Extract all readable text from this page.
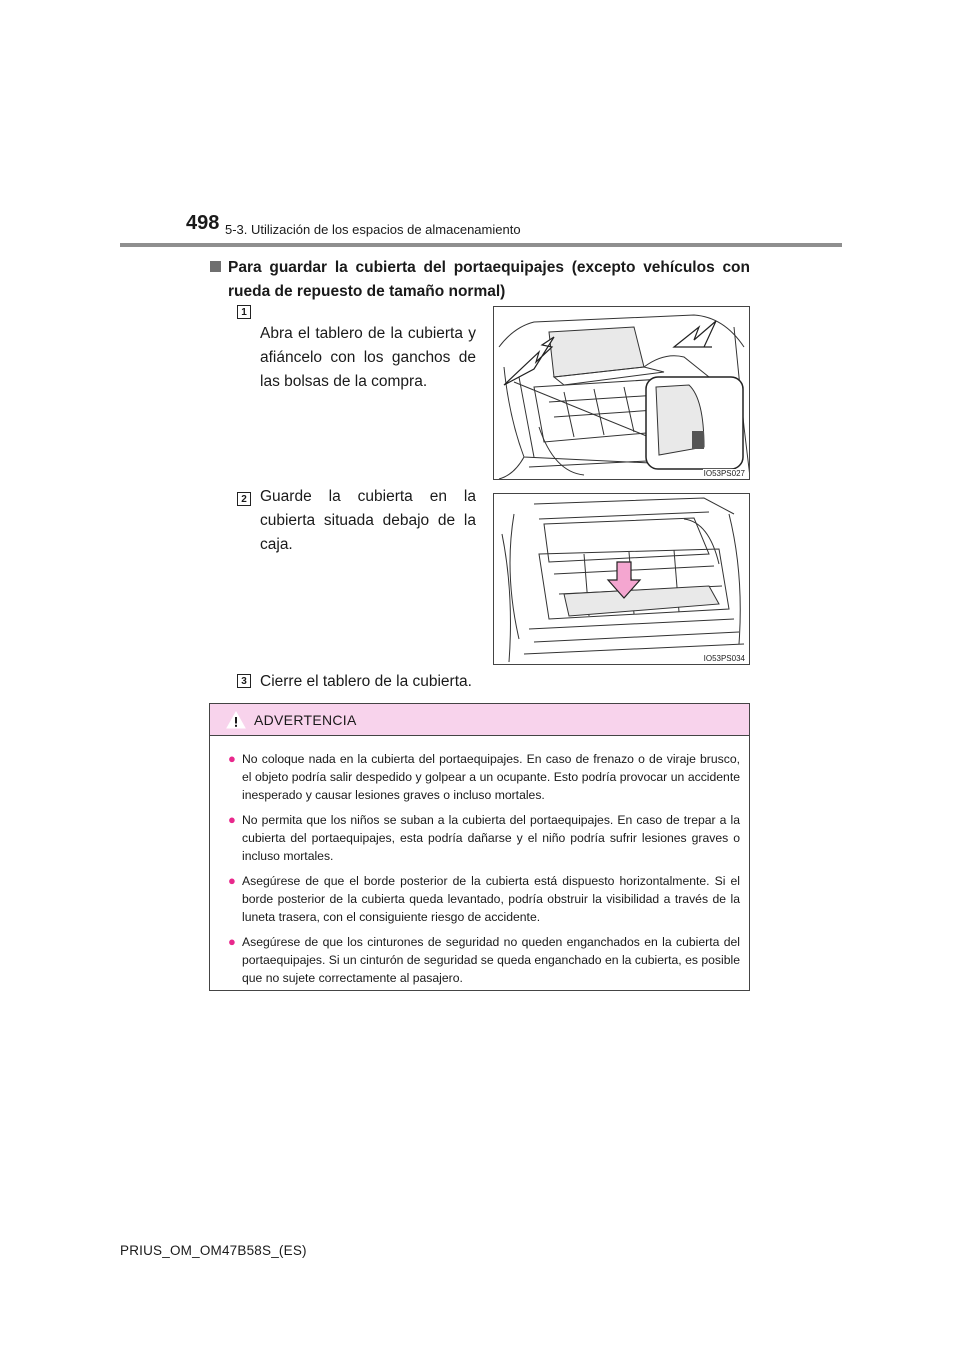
498 5-3. Utilización de los espacios de almacenamiento
Para guardar la cubierta del portaequipajes (excepto vehículos con rueda de repuesto de tamaño normal)
1
Abra el tablero de la cubierta y afiáncelo con los ganchos de las bolsas de la compra.
IO53PS027
2 Guarde la cubierta en la cubierta situada debajo de la caja.
IO53PS034
3 Cierre el tablero de la cubierta.
ADVERTENCIA
● No coloque nada en la cubierta del portaequipajes. En caso de frenazo o de viraje brusco, el objeto podría salir despedido y golpear a un ocupante. Esto podría provocar un accidente inesperado y causar lesiones graves o incluso mortales.
● No permita que los niños se suban a la cubierta del portaequipajes. En caso de trepar a la cubierta del portaequipajes, esta podría dañarse y el niño podría sufrir lesiones graves o incluso mortales.
● Asegúrese de que el borde posterior de la cubierta está dispuesto horizontalmente. Si el borde posterior de la cubierta queda levantado, podría obstruir la visibilidad a través de la luneta trasera, con el consiguiente riesgo de accidente.
● Asegúrese de que los cinturones de seguridad no queden enganchados en la cubierta del portaequipajes. Si un cinturón de seguridad se queda enganchado en la cubierta, es posible que no sujete correctamente al pasajero.
PRIUS_OM_OM47B58S_(ES)
